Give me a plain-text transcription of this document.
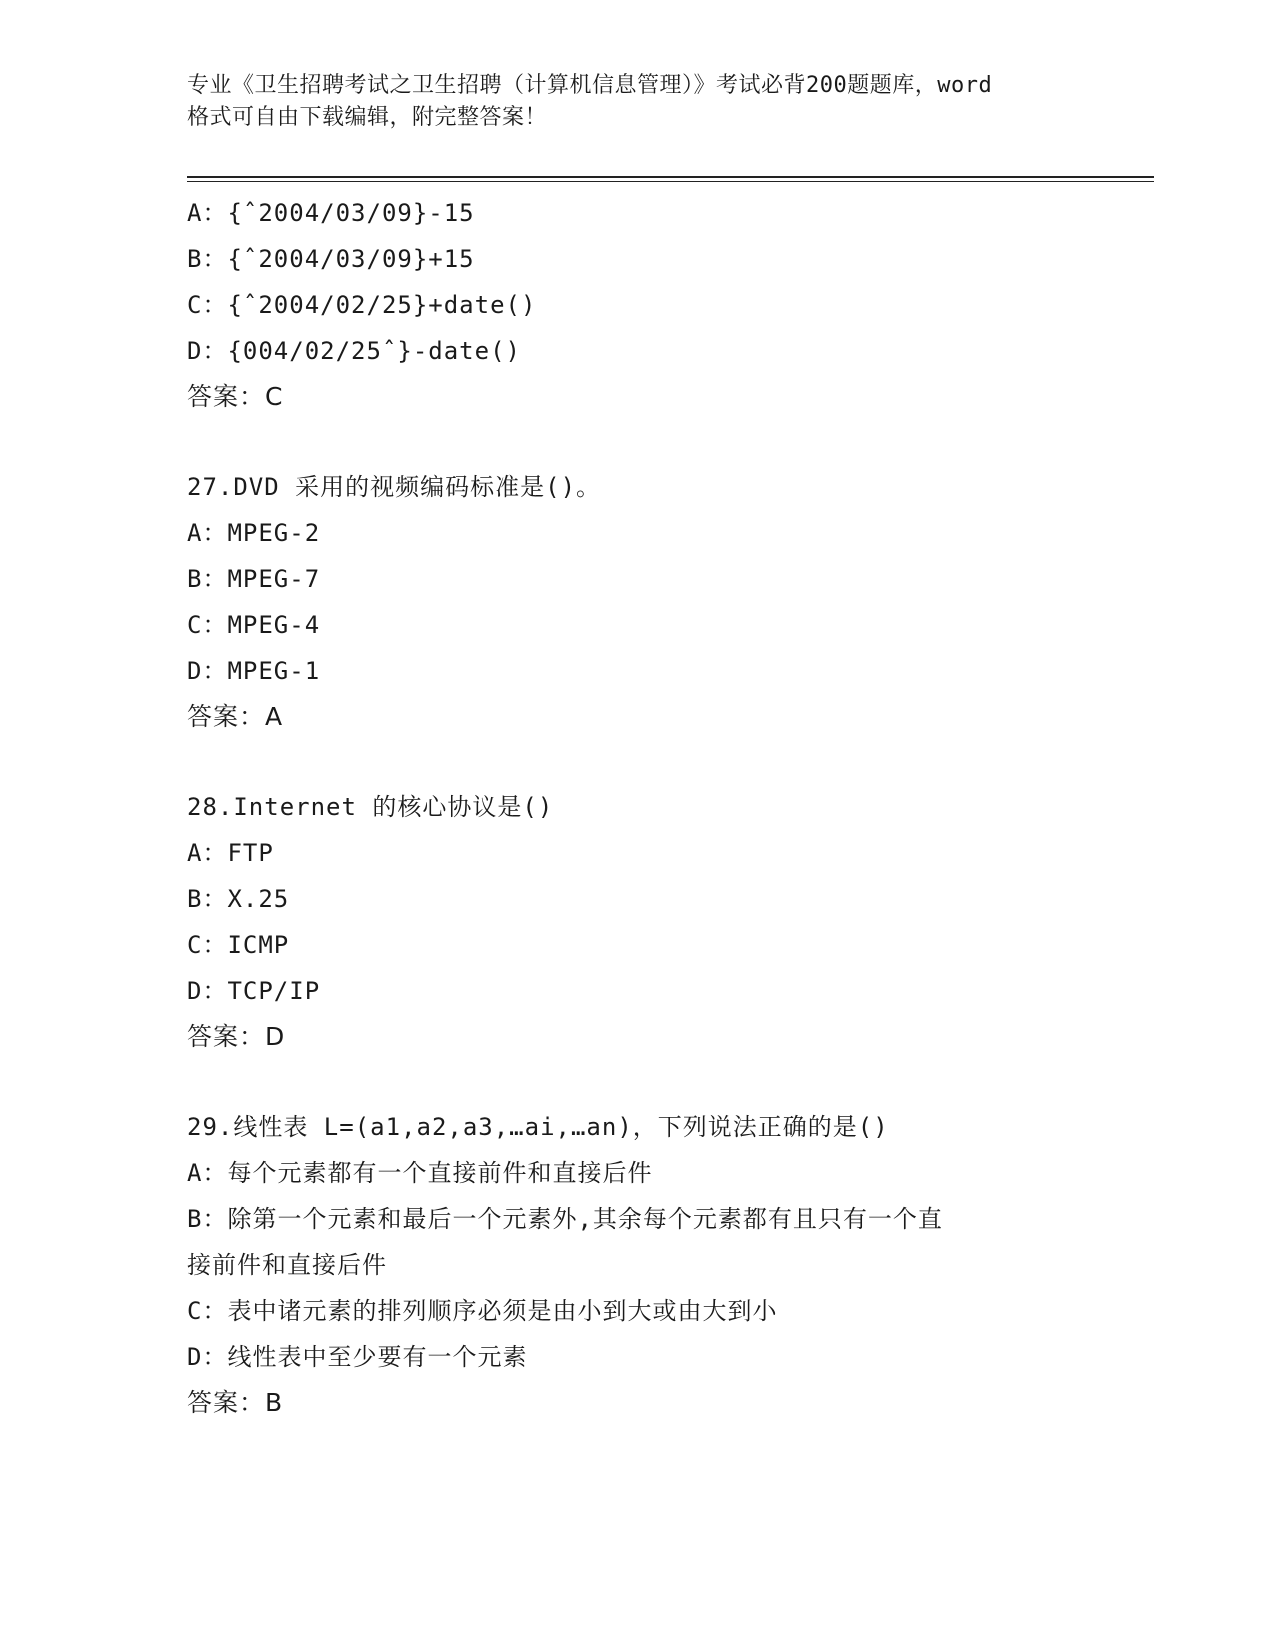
专业《卫生招聘考试之卫生招聘（计算机信息管理）》考试必背200题题库，word
格式可自由下载编辑，附完整答案！
A：{ˆ2004/03/09}-15
B：{ˆ2004/03/09}+15
C：{ˆ2004/02/25}+date()
D：{004/02/25ˆ}-date()
答案：C
27.DVD 采用的视频编码标准是()。
A：MPEG-2
B：MPEG-7
C：MPEG-4
D：MPEG-1
答案：A
28.Internet 的核心协议是()
A：FTP
B：X.25
C：ICMP
D：TCP/IP
答案：D
29.线性表 L=(a1,a2,a3,…ai,…an)，下列说法正确的是()
A：每个元素都有一个直接前件和直接后件
B：除第一个元素和最后一个元素外,其余每个元素都有且只有一个直
接前件和直接后件
C：表中诸元素的排列顺序必须是由小到大或由大到小
D：线性表中至少要有一个元素
答案：B
